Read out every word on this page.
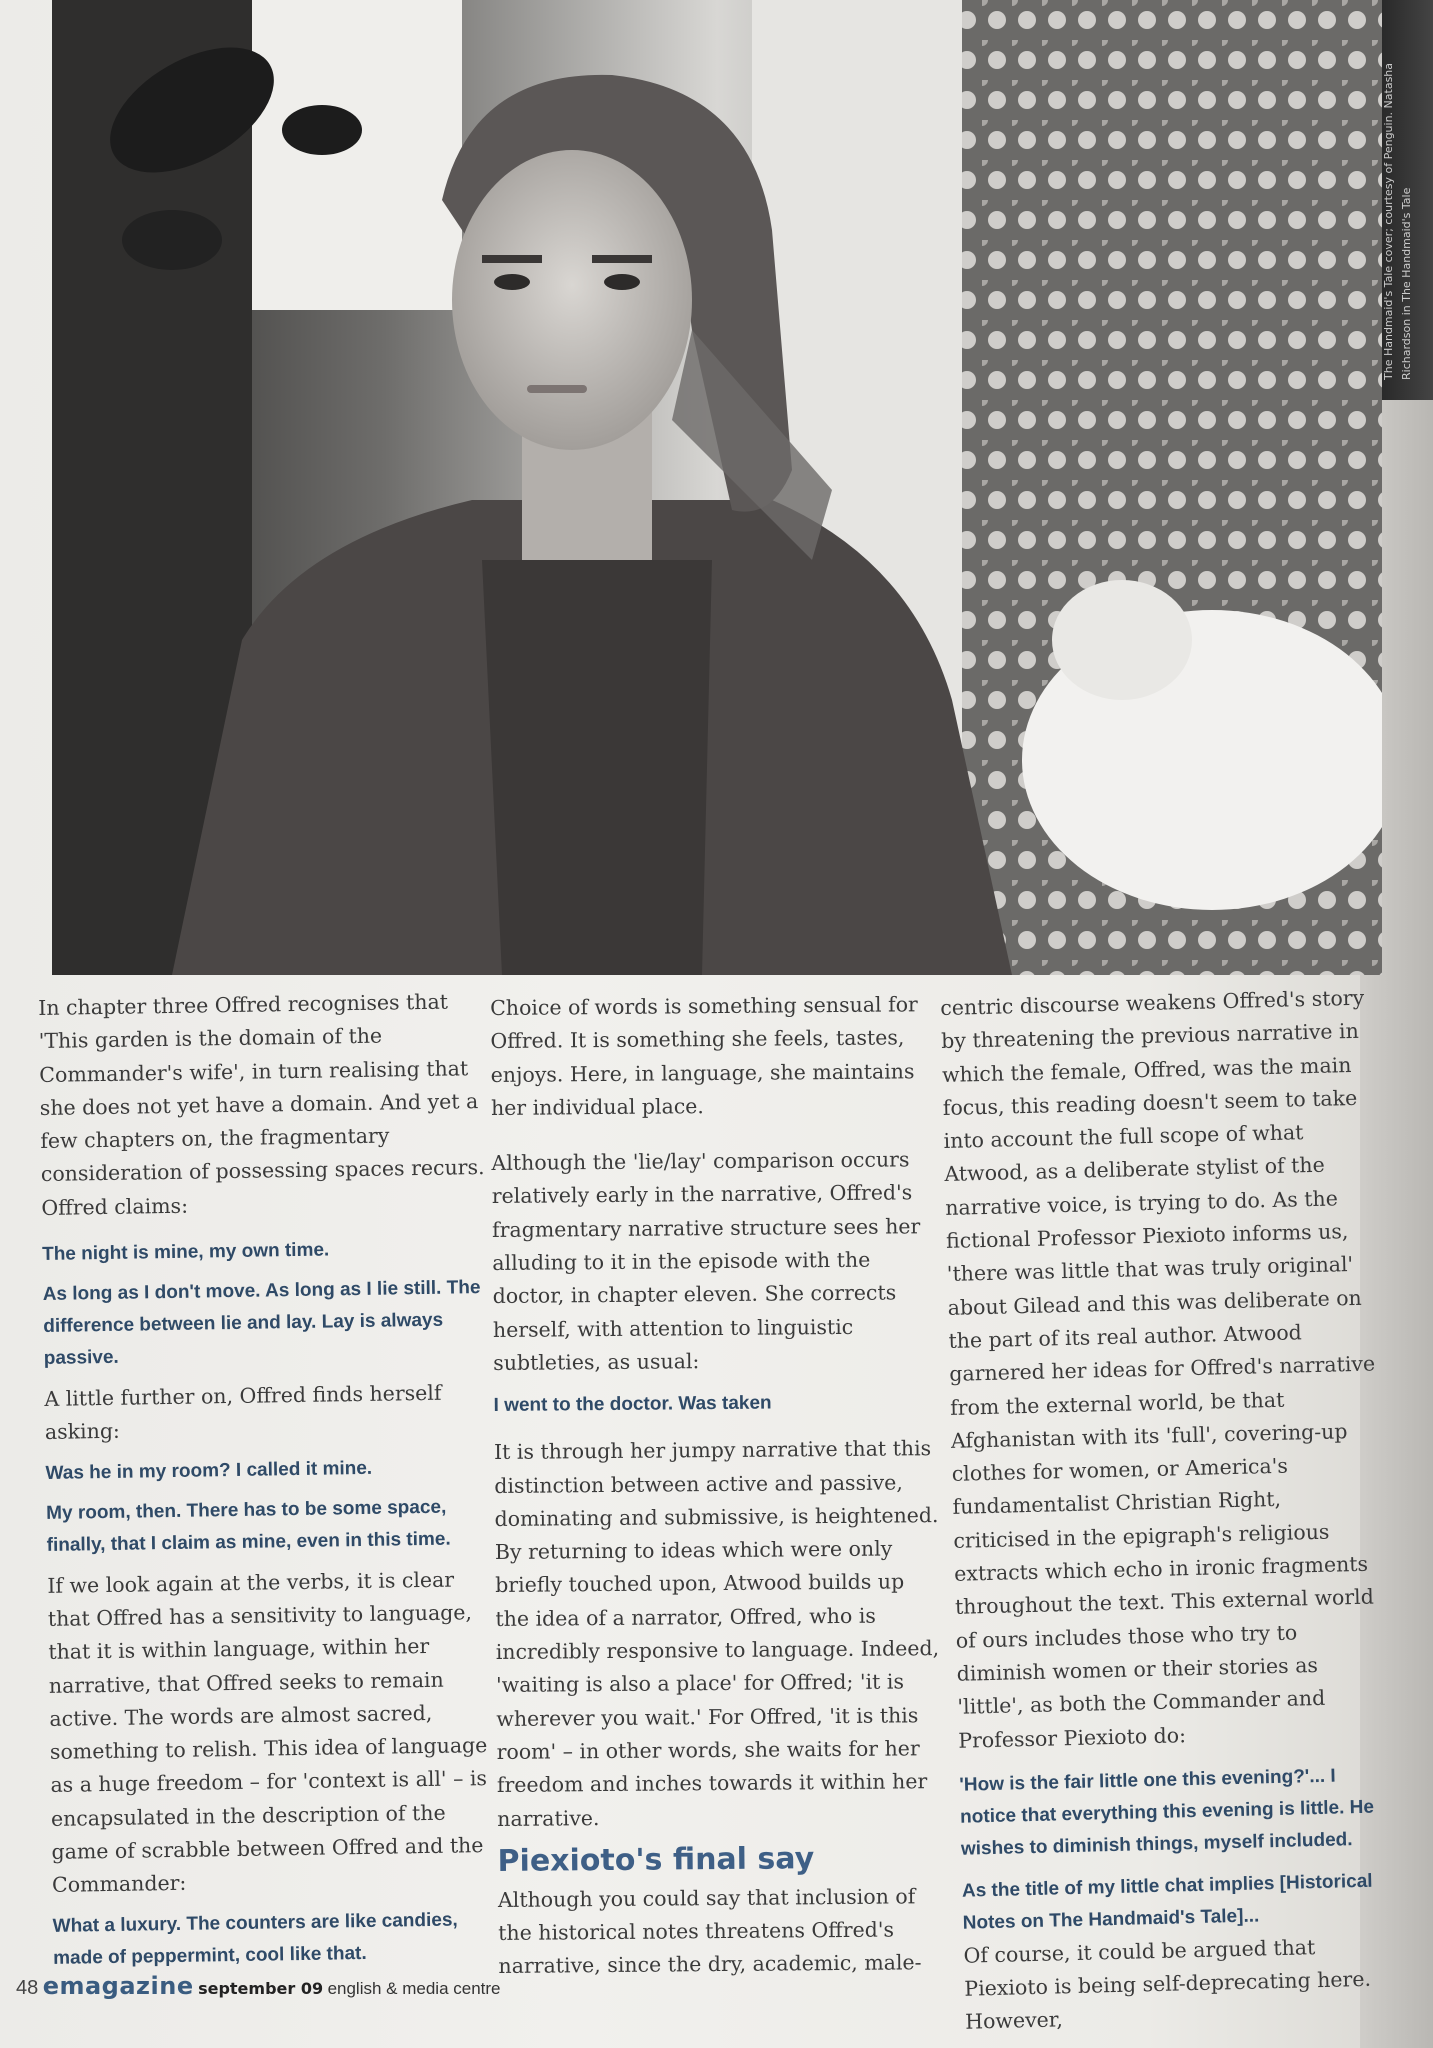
The Handmaid's Tale cover; courtesy of Penguin. Natasha Richardson in The Handmaid's Tale

In chapter three Offred recognises that 'This garden is the domain of the Commander's wife', in turn realising that she does not yet have a domain. And yet a few chapters on, the fragmentary consideration of possessing spaces recurs. Offred claims:

The night is mine, my own time.

As long as I don't move. As long as I lie still. The difference between lie and lay. Lay is always passive.

A little further on, Offred finds herself asking:

Was he in my room? I called it mine.

My room, then. There has to be some space, finally, that I claim as mine, even in this time.

If we look again at the verbs, it is clear that Offred has a sensitivity to language, that it is within language, within her narrative, that Offred seeks to remain active. The words are almost sacred, something to relish. This idea of language as a huge freedom – for 'context is all' – is encapsulated in the description of the game of scrabble between Offred and the Commander:

What a luxury. The counters are like candies, made of peppermint, cool like that.

Choice of words is something sensual for Offred. It is something she feels, tastes, enjoys. Here, in language, she maintains her individual place.

Although the 'lie/lay' comparison occurs relatively early in the narrative, Offred's fragmentary narrative structure sees her alluding to it in the episode with the doctor, in chapter eleven. She corrects herself, with attention to linguistic subtleties, as usual:

I went to the doctor. Was taken

It is through her jumpy narrative that this distinction between active and passive, dominating and submissive, is heightened. By returning to ideas which were only briefly touched upon, Atwood builds up the idea of a narrator, Offred, who is incredibly responsive to language. Indeed, 'waiting is also a place' for Offred; 'it is wherever you wait.' For Offred, 'it is this room' – in other words, she waits for her freedom and inches towards it within her narrative.

Piexioto's final say

Although you could say that inclusion of the historical notes threatens Offred's narrative, since the dry, academic, male-

centric discourse weakens Offred's story by threatening the previous narrative in which the female, Offred, was the main focus, this reading doesn't seem to take into account the full scope of what Atwood, as a deliberate stylist of the narrative voice, is trying to do. As the fictional Professor Piexioto informs us, 'there was little that was truly original' about Gilead and this was deliberate on the part of its real author. Atwood garnered her ideas for Offred's narrative from the external world, be that Afghanistan with its 'full', covering-up clothes for women, or America's fundamentalist Christian Right, criticised in the epigraph's religious extracts which echo in ironic fragments throughout the text. This external world of ours includes those who try to diminish women or their stories as 'little', as both the Commander and Professor Piexioto do:

'How is the fair little one this evening?'... I notice that everything this evening is little. He wishes to diminish things, myself included.

As the title of my little chat implies [Historical Notes on The Handmaid's Tale]...

Of course, it could be argued that Piexioto is being self-deprecating here. However,

48 emagazine september 09 english & media centre
